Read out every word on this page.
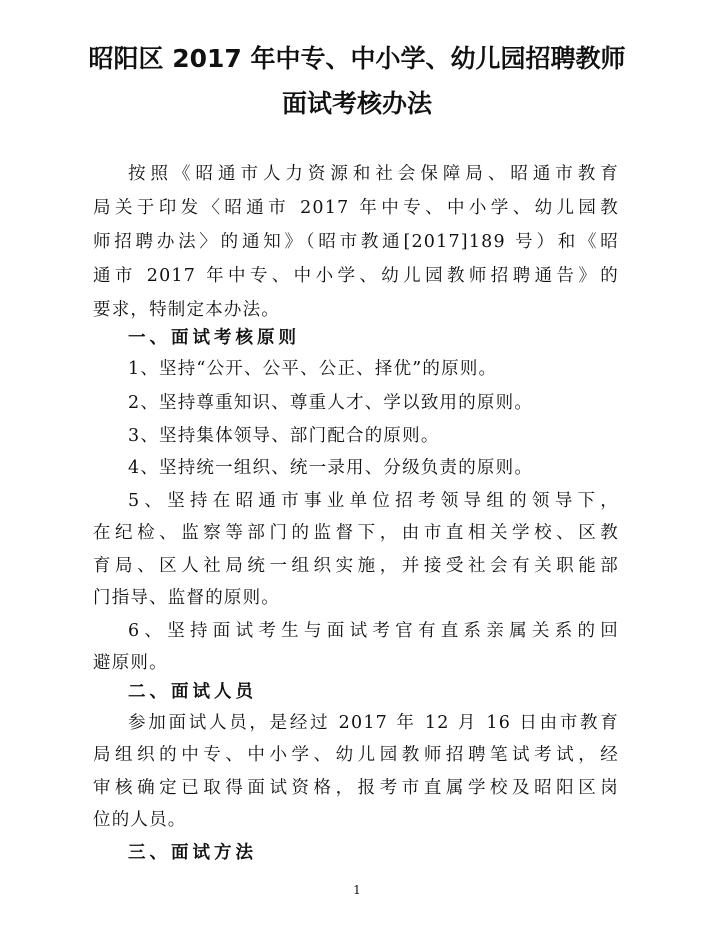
昭阳区 2017 年中专、中小学、幼儿园招聘教师
面试考核办法
按照《昭通市人力资源和社会保障局、昭通市教育
局关于印发〈昭通市 2017 年中专、中小学、幼儿园教
师招聘办法〉的通知》（昭市教通[2017]189 号）和《昭
通市 2017 年中专、中小学、幼儿园教师招聘通告》的
要求，特制定本办法。
一、面试考核原则
1、坚持“公开、公平、公正、择优”的原则。
2、坚持尊重知识、尊重人才、学以致用的原则。
3、坚持集体领导、部门配合的原则。
4、坚持统一组织、统一录用、分级负责的原则。
5、坚持在昭通市事业单位招考领导组的领导下，
在纪检、监察等部门的监督下，由市直相关学校、区教
育局、区人社局统一组织实施，并接受社会有关职能部
门指导、监督的原则。
6、坚持面试考生与面试考官有直系亲属关系的回
避原则。
二、面试人员
参加面试人员，是经过 2017 年 12 月 16 日由市教育
局组织的中专、中小学、幼儿园教师招聘笔试考试，经
审核确定已取得面试资格，报考市直属学校及昭阳区岗
位的人员。
三、面试方法
1
